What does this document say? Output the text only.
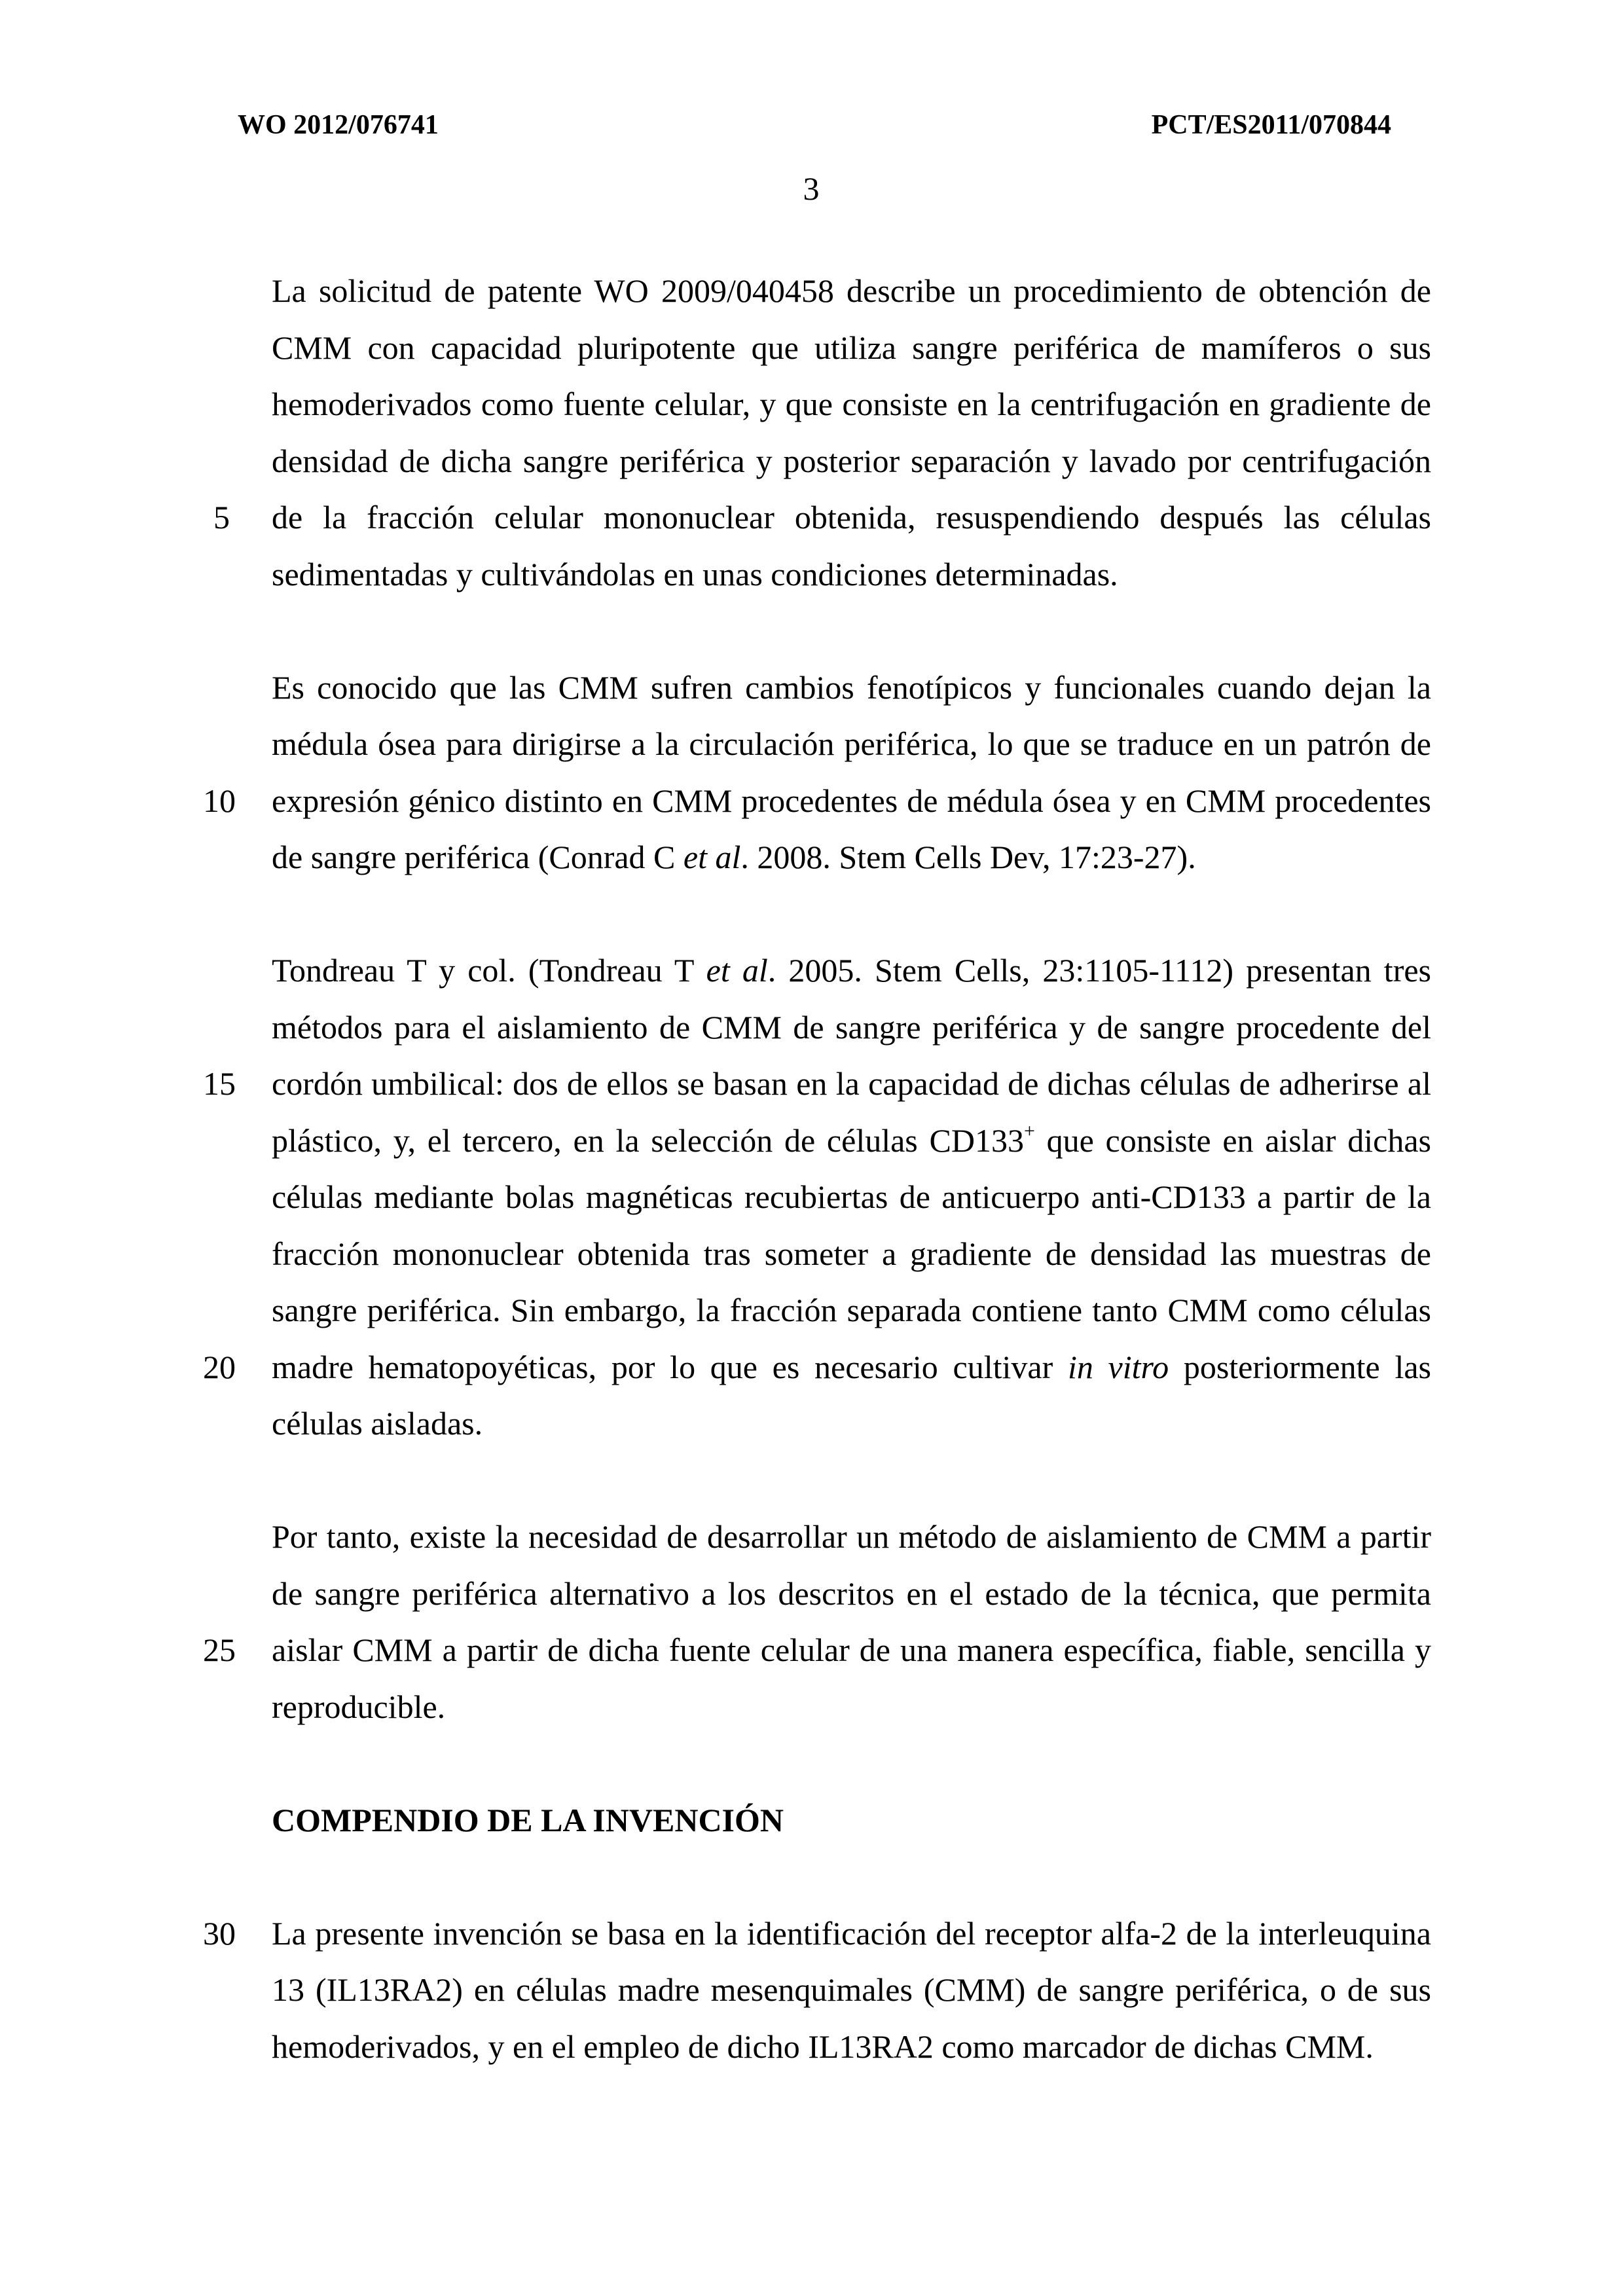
WO 2012/076741	PCT/ES2011/070844
3
La solicitud de patente WO 2009/040458 describe un procedimiento de obtención de
CMM con capacidad pluripotente que utiliza sangre periférica de mamíferos o sus
hemoderivados como fuente celular, y que consiste en la centrifugación en gradiente de
densidad de dicha sangre periférica y posterior separación y lavado por centrifugación
de la fracción celular mononuclear obtenida, resuspendiendo después las células
sedimentadas y cultivándolas en unas condiciones determinadas.
Es conocido que las CMM sufren cambios fenotípicos y funcionales cuando dejan la
médula ósea para dirigirse a la circulación periférica, lo que se traduce en un patrón de
expresión génico distinto en CMM procedentes de médula ósea y en CMM procedentes
de sangre periférica (Conrad C et al. 2008. Stem Cells Dev, 17:23-27).
Tondreau T y col. (Tondreau T et al. 2005. Stem Cells, 23:1105-1112) presentan tres
métodos para el aislamiento de CMM de sangre periférica y de sangre procedente del
cordón umbilical: dos de ellos se basan en la capacidad de dichas células de adherirse al
plástico, y, el tercero, en la selección de células CD133+ que consiste en aislar dichas
células mediante bolas magnéticas recubiertas de anticuerpo anti-CD133 a partir de la
fracción mononuclear obtenida tras someter a gradiente de densidad las muestras de
sangre periférica. Sin embargo, la fracción separada contiene tanto CMM como células
madre hematopoyéticas, por lo que es necesario cultivar in vitro posteriormente las
células aisladas.
Por tanto, existe la necesidad de desarrollar un método de aislamiento de CMM a partir
de sangre periférica alternativo a los descritos en el estado de la técnica, que permita
aislar CMM a partir de dicha fuente celular de una manera específica, fiable, sencilla y
reproducible.
La presente invención se basa en la identificación del receptor alfa-2 de la interleuquina
13 (IL13RA2) en células madre mesenquimales (CMM) de sangre periférica, o de sus
hemoderivados, y en el empleo de dicho IL13RA2 como marcador de dichas CMM.
5
10
15
20
25
30
COMPENDIO DE LA INVENCIÓN
